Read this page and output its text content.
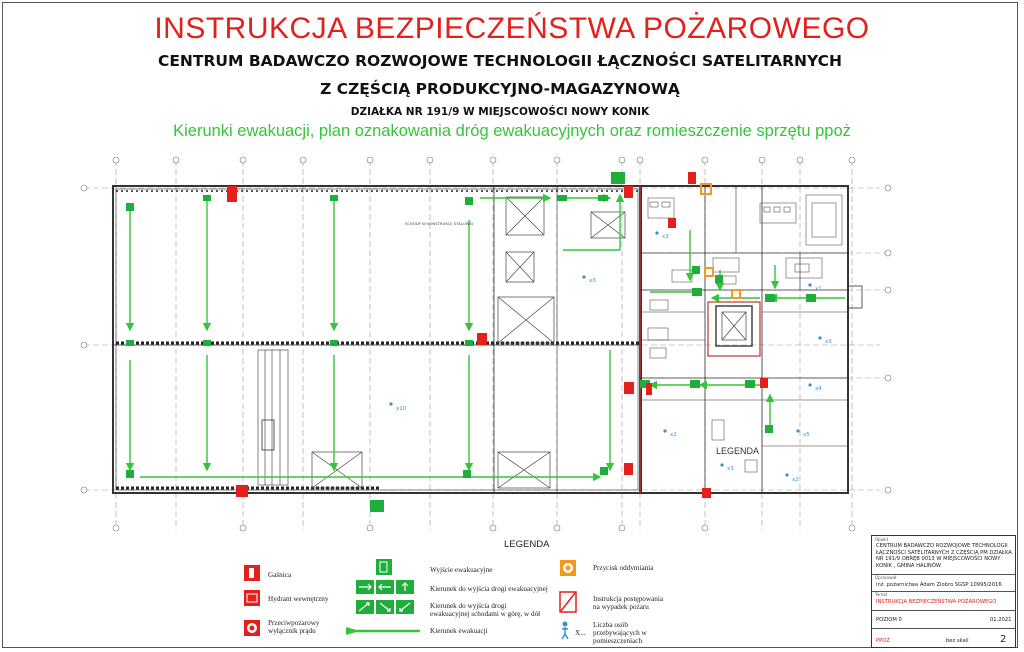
INSTRUKCJA BEZPIECZEŃSTWA POŻAROWEGO
CENTRUM BADAWCZO ROZWOJOWE TECHNOLOGII ŁĄCZNOŚCI SATELITARNYCH
Z CZĘŚCIĄ PRODUKCYJNO-MAGAZYNOWĄ
DZIAŁKA NR 191/9 W MIEJSCOWOŚCI NOWY KONIK
Kierunki ewakuacji, plan oznakowania dróg ewakuacyjnych oraz romieszczenie sprzętu ppoż
SCHODY W KONSTRUKCJI STALOWEJ
LEGENDA
x10
x3
x3
x1
x4
x2
x3
x5
x2
x3
LEGENDA
Gaśnica
Hydrant wewnętrzny
Przeciwpożarowy wyłącznik prądu
Wyjście ewakuacyjne
Kierunek do wyjścia drogi ewakuacyjnej
Kierunek do wyjścia drogi ewakuacyjnej schodami w górę, w dół
Kierunek ewakuacji
Przycisk oddymiania
Instrukcja postępowania na wypadek pożaru
X...
Liczba osób przebywających w pomieszczeniach
Obiekt
CENTRUM BADAWCZO ROZWOJOWE TECHNOLOGII ŁĄCZNOŚCI SATELITARNYCH Z CZĘŚCIĄ PM DZIAŁKA NR 191/9 OBRĘB 0013 W MIEJSCOWOŚCI NOWY KONIK , GMINA HALINÓW
Opracował
inż. pożarnictwa Adam Ziobro SGSP 10995/2016
Temat
INSTRUKCJA BEZPIECZEŃSTWA POŻAROWEGO
POZIOM 0	01.2021
PPOŻ	bez skali	2
